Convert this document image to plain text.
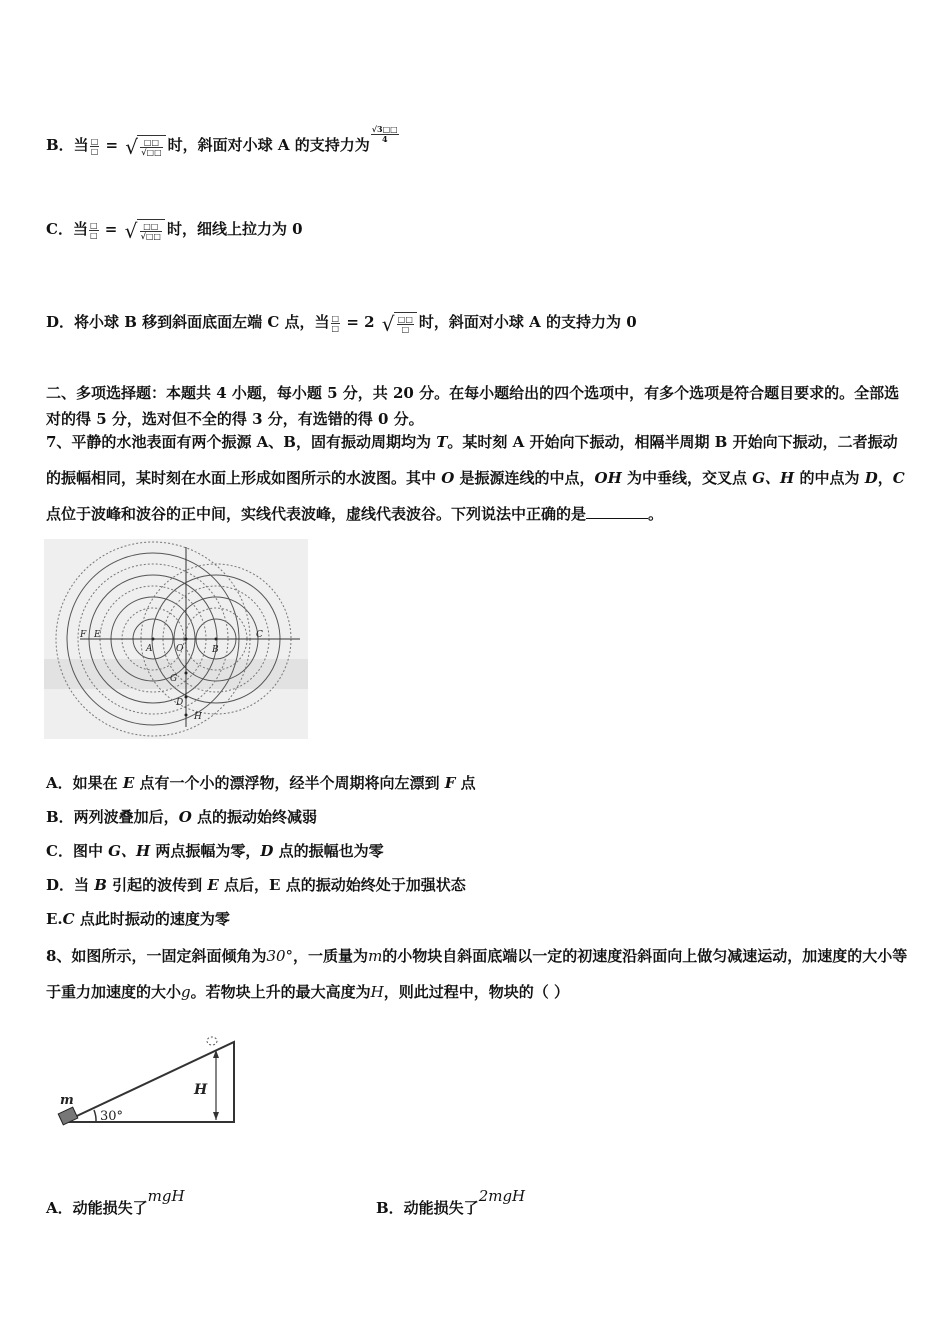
B．当 $\frac{□}{□}$ = √ $\frac{□□}{√□□}$ 时，斜面对小球 A 的支持力为
$\frac{√3□□}{4}$
C．当 $\frac{□}{□}$ = √ $\frac{□□}{√□□}$ 时，细线上拉力为 0
D．将小球 B 移到斜面底面左端 C 点，当 $\frac{□}{□} = 2$ √ $\frac{□□}{□}$ 时，斜面对小球 A 的支持力为 0
二、多项选择题：本题共 4 小题，每小题 5 分，共 20 分。在每小题给出的四个选项中，有多个选项是符合题目要求的。全部选对的得 5 分，选对但不全的得 3 分，有选错的得 0 分。
7、平静的水池表面有两个振源 A、B，固有振动周期均为 T。某时刻 A 开始向下振动，相隔半周期 B 开始向下振动，二者振动的振幅相同，某时刻在水面上形成如图所示的水波图。其中 O 是振源连线的中点，OH 为中垂线，交叉点 G、H 的中点为 D，C 点位于波峰和波谷的正中间，实线代表波峰，虚线代表波谷。下列说法中正确的是	。
F E
A	O	B
C
G
D
H
A．如果在 E 点有一个小的漂浮物，经半个周期将向左漂到 F 点
B．两列波叠加后，O 点的振动始终减弱
C．图中 G、H 两点振幅为零，D 点的振幅也为零
D．当 B 引起的波传到 E 点后，E 点的振动始终处于加强状态
E.C 点此时振动的速度为零
8、如图所示，一固定斜面倾角为30°，一质量为m的小物块自斜面底端以一定的初速度沿斜面向上做匀减速运动，加速度的大小等于重力加速度的大小g。若物块上升的最大高度为H，则此过程中，物块的（ ）
m
30°
H
A．动能损失了mgH
B．动能损失了2mgH
